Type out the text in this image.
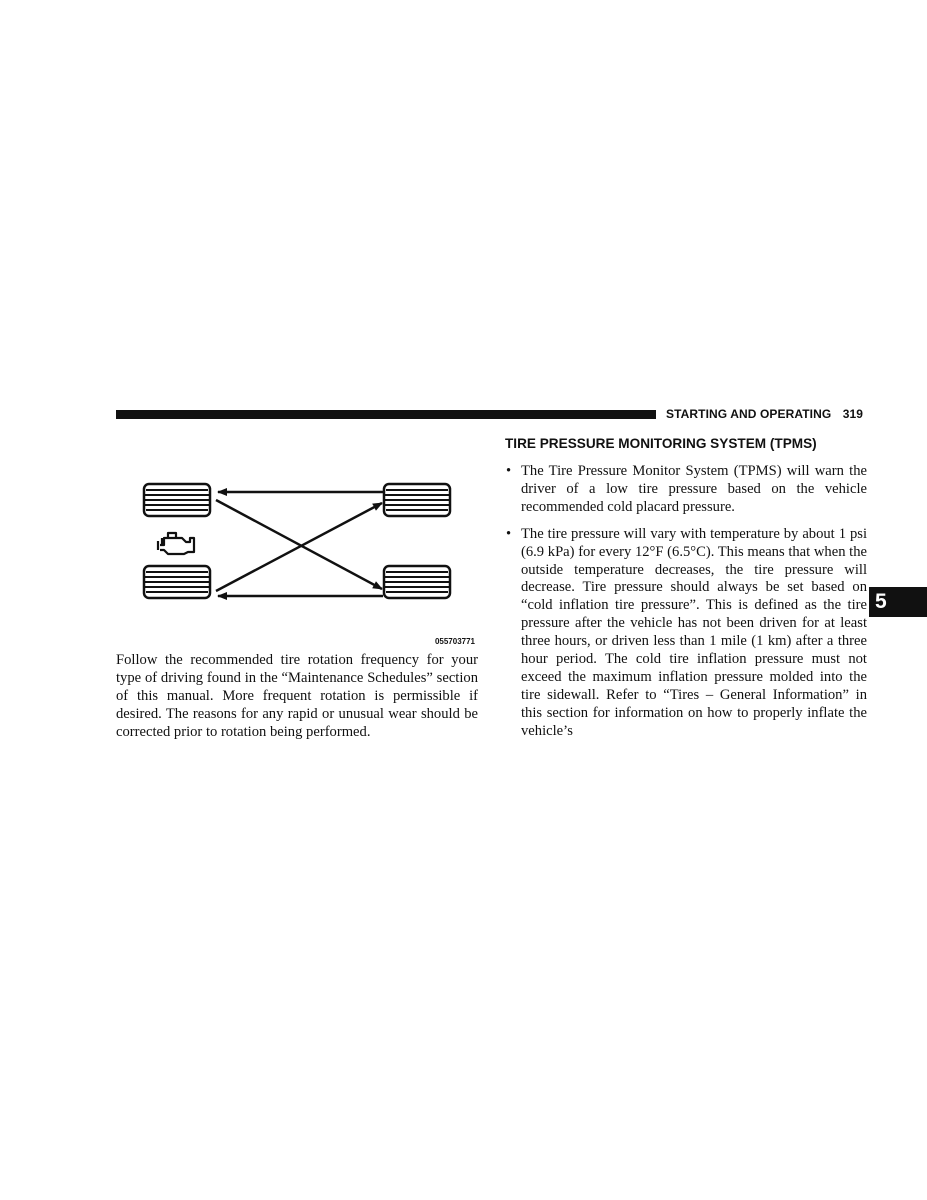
STARTING AND OPERATING 319
055703771

Follow the recommended tire rotation frequency for your type of driving found in the “Maintenance Schedules” section of this manual. More frequent rotation is permissible if desired. The reasons for any rapid or unusual wear should be corrected prior to rotation being performed.

TIRE PRESSURE MONITORING SYSTEM (TPMS)
• The Tire Pressure Monitor System (TPMS) will warn the driver of a low tire pressure based on the vehicle recommended cold placard pressure.
• The tire pressure will vary with temperature by about 1 psi (6.9 kPa) for every 12°F (6.5°C). This means that when the outside temperature decreases, the tire pressure will decrease. Tire pressure should always be set based on “cold inflation tire pressure”. This is defined as the tire pressure after the vehicle has not been driven for at least three hours, or driven less than 1 mile (1 km) after a three hour period. The cold tire inflation pressure must not exceed the maximum inflation pressure molded into the tire sidewall. Refer to “Tires – General Information” in this section for information on how to properly inflate the vehicle’s
5
